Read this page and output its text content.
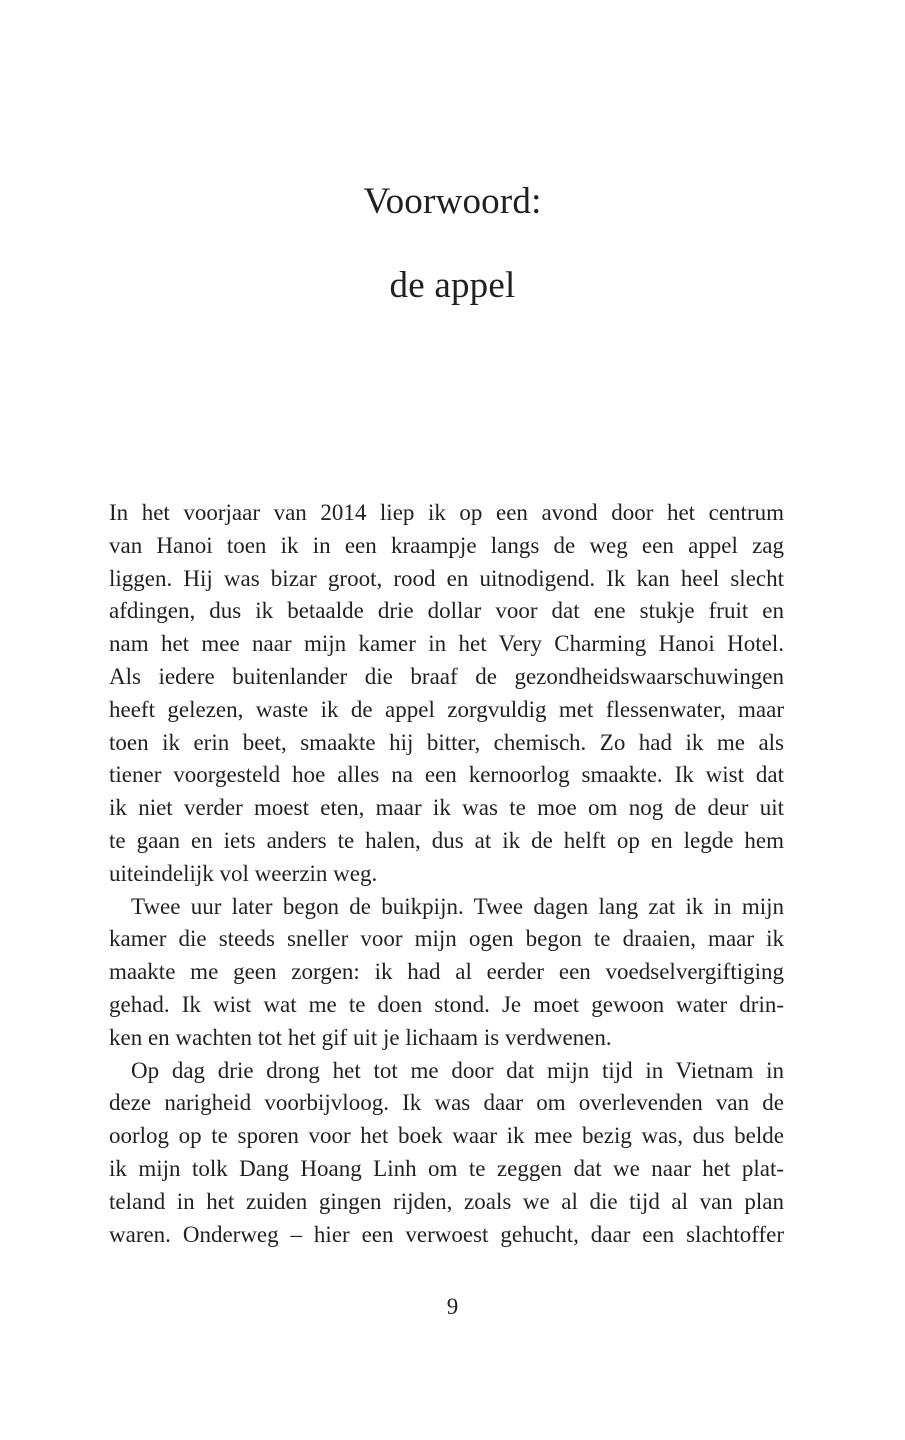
Voorwoord:
de appel

In het voorjaar van 2014 liep ik op een avond door het centrum
van Hanoi toen ik in een kraampje langs de weg een appel zag
liggen. Hij was bizar groot, rood en uitnodigend. Ik kan heel slecht
afdingen, dus ik betaalde drie dollar voor dat ene stukje fruit en
nam het mee naar mijn kamer in het Very Charming Hanoi Hotel.
Als iedere buitenlander die braaf de gezondheidswaarschuwingen
heeft gelezen, waste ik de appel zorgvuldig met flessenwater, maar
toen ik erin beet, smaakte hij bitter, chemisch. Zo had ik me als
tiener voorgesteld hoe alles na een kernoorlog smaakte. Ik wist dat
ik niet verder moest eten, maar ik was te moe om nog de deur uit
te gaan en iets anders te halen, dus at ik de helft op en legde hem
uiteindelijk vol weerzin weg.

Twee uur later begon de buikpijn. Twee dagen lang zat ik in mijn
kamer die steeds sneller voor mijn ogen begon te draaien, maar ik
maakte me geen zorgen: ik had al eerder een voedselvergiftiging
gehad. Ik wist wat me te doen stond. Je moet gewoon water drin-
ken en wachten tot het gif uit je lichaam is verdwenen.

Op dag drie drong het tot me door dat mijn tijd in Vietnam in
deze narigheid voorbijvloog. Ik was daar om overlevenden van de
oorlog op te sporen voor het boek waar ik mee bezig was, dus belde
ik mijn tolk Dang Hoang Linh om te zeggen dat we naar het plat-
teland in het zuiden gingen rijden, zoals we al die tijd al van plan
waren. Onderweg – hier een verwoest gehucht, daar een slachtoffer

9
